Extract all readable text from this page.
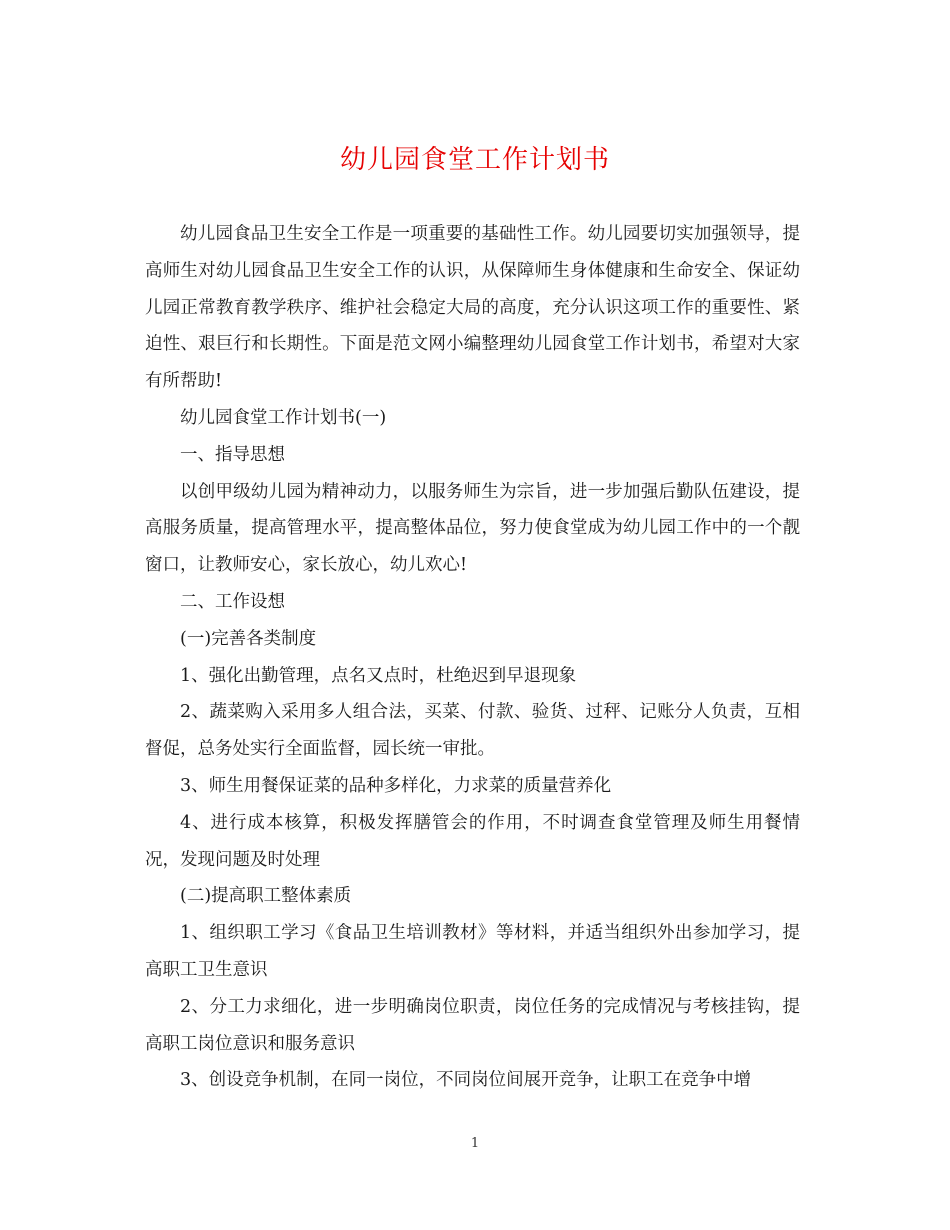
幼儿园食堂工作计划书

幼儿园食品卫生安全工作是一项重要的基础性工作。幼儿园要切实加强领导，提高师生对幼儿园食品卫生安全工作的认识，从保障师生身体健康和生命安全、保证幼儿园正常教育教学秩序、维护社会稳定大局的高度，充分认识这项工作的重要性、紧迫性、艰巨行和长期性。下面是范文网小编整理幼儿园食堂工作计划书，希望对大家有所帮助!

幼儿园食堂工作计划书(一)

一、指导思想

以创甲级幼儿园为精神动力，以服务师生为宗旨，进一步加强后勤队伍建设，提高服务质量，提高管理水平，提高整体品位，努力使食堂成为幼儿园工作中的一个靓窗口，让教师安心，家长放心，幼儿欢心!

二、工作设想

(一)完善各类制度

1、强化出勤管理，点名又点时，杜绝迟到早退现象

2、蔬菜购入采用多人组合法，买菜、付款、验货、过秤、记账分人负责，互相督促，总务处实行全面监督，园长统一审批。

3、师生用餐保证菜的品种多样化，力求菜的质量营养化

4、进行成本核算，积极发挥膳管会的作用，不时调查食堂管理及师生用餐情况，发现问题及时处理

(二)提高职工整体素质

1、组织职工学习《食品卫生培训教材》等材料，并适当组织外出参加学习，提高职工卫生意识

2、分工力求细化，进一步明确岗位职责，岗位任务的完成情况与考核挂钩，提高职工岗位意识和服务意识

3、创设竞争机制，在同一岗位，不同岗位间展开竞争，让职工在竞争中增

1
